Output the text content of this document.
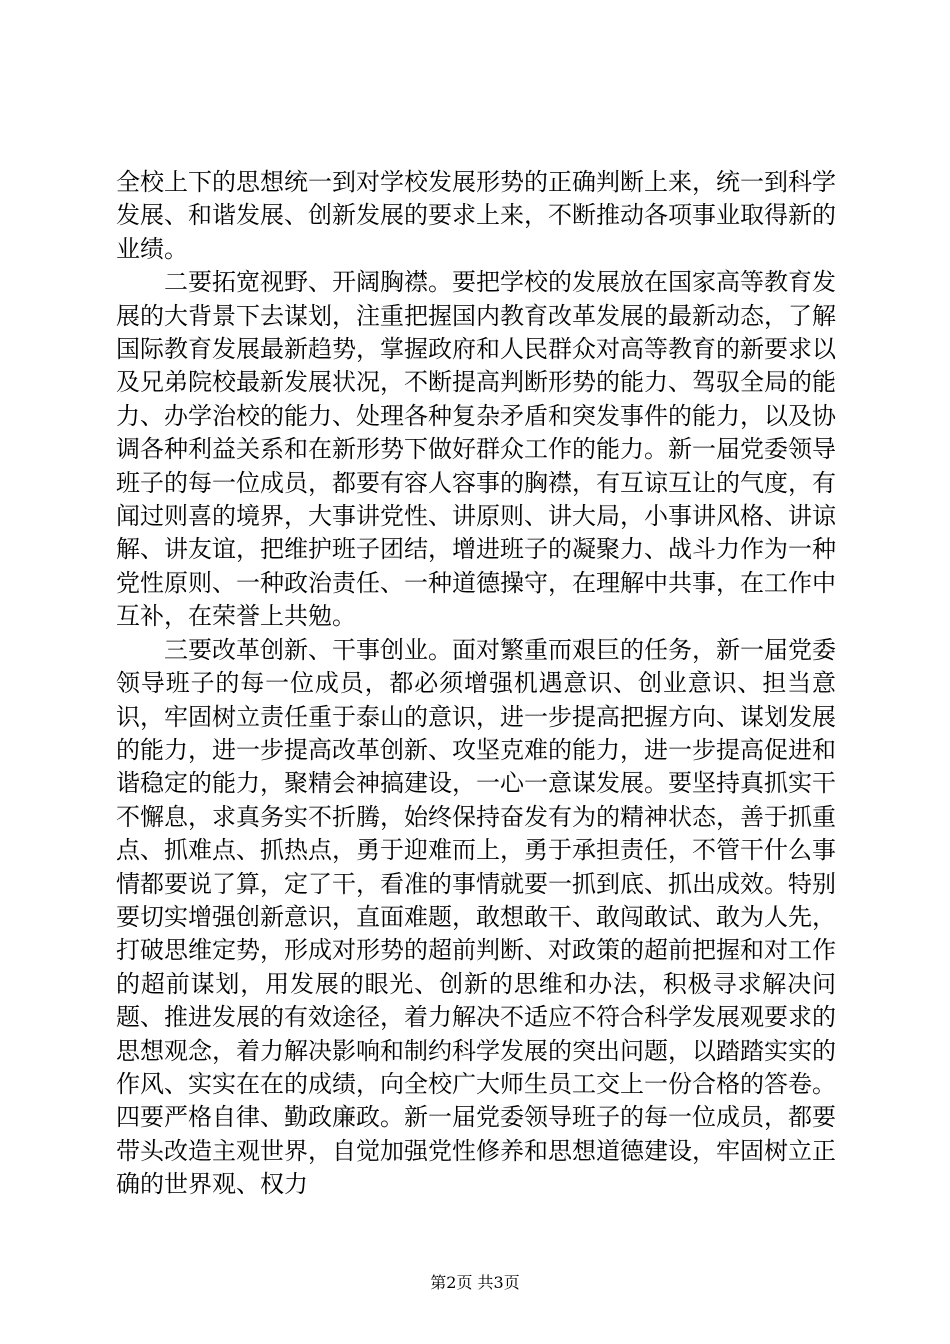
全校上下的思想统一到对学校发展形势的正确判断上来，统一到科学发展、和谐发展、创新发展的要求上来，不断推动各项事业取得新的业绩。

二要拓宽视野、开阔胸襟。要把学校的发展放在国家高等教育发展的大背景下去谋划，注重把握国内教育改革发展的最新动态，了解国际教育发展最新趋势，掌握政府和人民群众对高等教育的新要求以及兄弟院校最新发展状况，不断提高判断形势的能力、驾驭全局的能力、办学治校的能力、处理各种复杂矛盾和突发事件的能力，以及协调各种利益关系和在新形势下做好群众工作的能力。新一届党委领导班子的每一位成员，都要有容人容事的胸襟，有互谅互让的气度，有闻过则喜的境界，大事讲党性、讲原则、讲大局，小事讲风格、讲谅解、讲友谊，把维护班子团结，增进班子的凝聚力、战斗力作为一种党性原则、一种政治责任、一种道德操守，在理解中共事，在工作中互补，在荣誉上共勉。

三要改革创新、干事创业。面对繁重而艰巨的任务，新一届党委领导班子的每一位成员，都必须增强机遇意识、创业意识、担当意识，牢固树立责任重于泰山的意识，进一步提高把握方向、谋划发展的能力，进一步提高改革创新、攻坚克难的能力，进一步提高促进和谐稳定的能力，聚精会神搞建设，一心一意谋发展。要坚持真抓实干不懈息，求真务实不折腾，始终保持奋发有为的精神状态，善于抓重点、抓难点、抓热点，勇于迎难而上，勇于承担责任，不管干什么事情都要说了算，定了干，看准的事情就要一抓到底、抓出成效。特别要切实增强创新意识，直面难题，敢想敢干、敢闯敢试、敢为人先，打破思维定势，形成对形势的超前判断、对政策的超前把握和对工作的超前谋划，用发展的眼光、创新的思维和办法，积极寻求解决问题、推进发展的有效途径，着力解决不适应不符合科学发展观要求的思想观念，着力解决影响和制约科学发展的突出问题，以踏踏实实的作风、实实在在的成绩，向全校广大师生员工交上一份合格的答卷。四要严格自律、勤政廉政。新一届党委领导班子的每一位成员，都要带头改造主观世界，自觉加强党性修养和思想道德建设，牢固树立正确的世界观、权力

第2页 共3页
